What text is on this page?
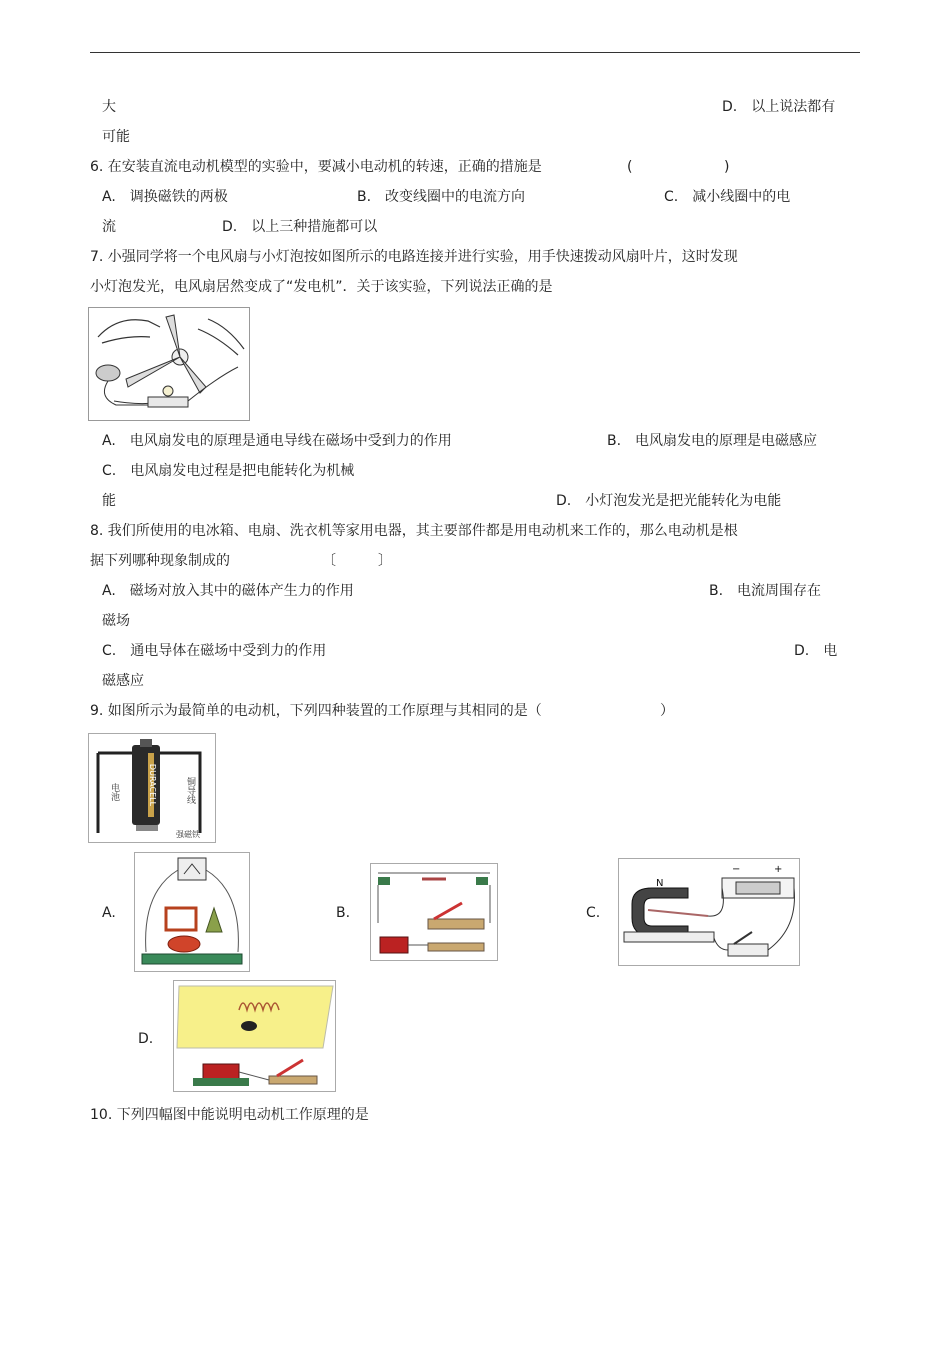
大	D.　以上说法都有
可能
6. 在安装直流电动机模型的实验中，要减小电动机的转速，正确的措施是	(	)
A.　调换磁铁的两极	B.　改变线圈中的电流方向	C.　减小线圈中的电
流	D.　以上三种措施都可以
7. 小强同学将一个电风扇与小灯泡按如图所示的电路连接并进行实验，用手快速拨动风扇叶片，这时发现
小灯泡发光，电风扇居然变成了“发电机”．关于该实验，下列说法正确的是
A.　电风扇发电的原理是通电导线在磁场中受到力的作用	B.　电风扇发电的原理是电磁感应
C.　电风扇发电过程是把电能转化为机械
能	D.　小灯泡发光是把光能转化为电能
8. 我们所使用的电冰箱、电扇、洗衣机等家用电器，其主要部件都是用电动机来工作的，那么电动机是根
据下列哪种现象制成的	〔	〕
A.　磁场对放入其中的磁体产生力的作用	B.　电流周围存在
磁场
C.　通电导体在磁场中受到力的作用	D.　电
磁感应
9. 如图所示为最简单的电动机，下列四种装置的工作原理与其相同的是（	）
DURACELL
电池	铜导线
强磁铁
A.	B.	C.
N
−	+
D.
10. 下列四幅图中能说明电动机工作原理的是
